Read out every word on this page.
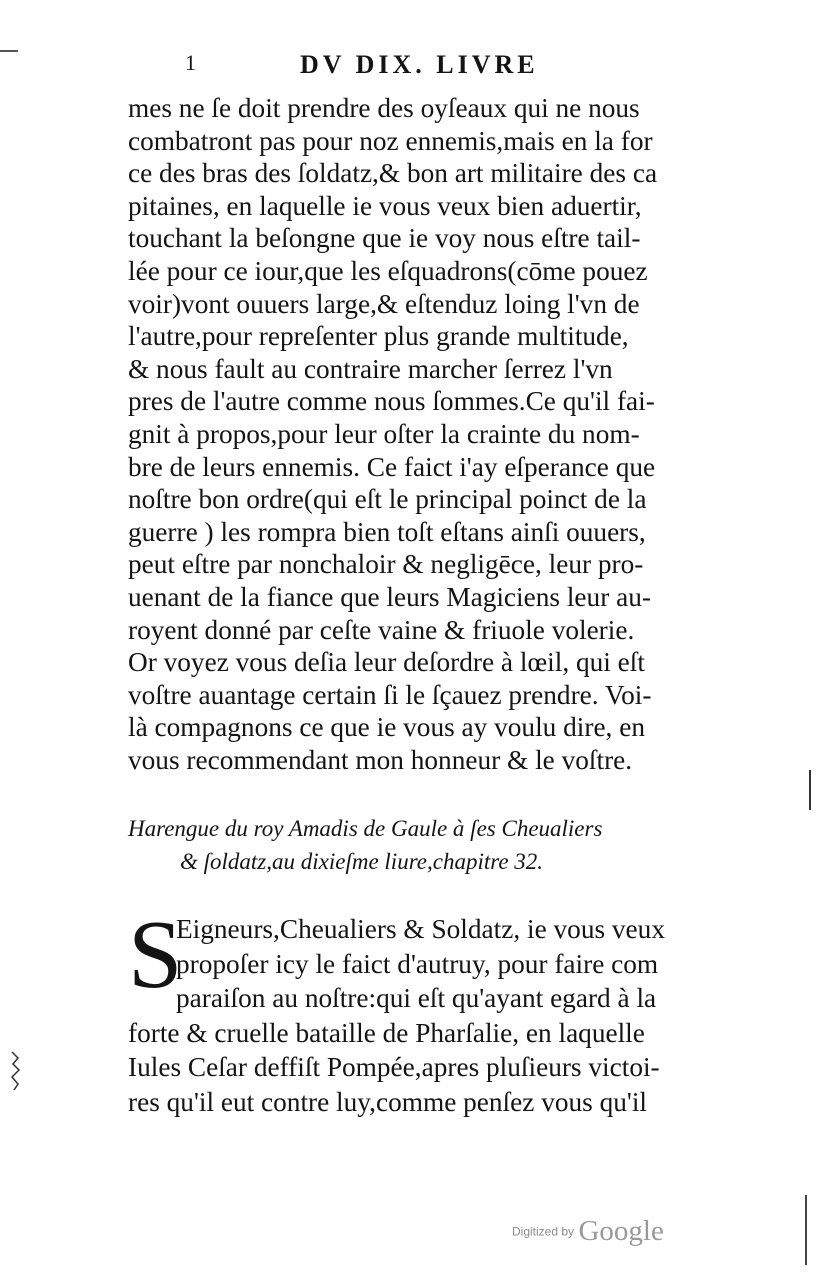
1	DV DIX. LIVRE
mes ne ſe doit prendre des oyſeaux qui ne nous
combatront pas pour noz ennemis,mais en la for
ce des bras des ſoldatz,& bon art militaire des ca
pitaines, en laquelle ie vous veux bien aduertir,
touchant la beſongne que ie voy nous eſtre tail-
lée pour ce iour,que les eſquadrons(cōme pouez
voir)vont ouuers large,& eſtenduz loing l'vn de
l'autre,pour repreſenter plus grande multitude,
& nous fault au contraire marcher ſerrez l'vn
pres de l'autre comme nous ſommes.Ce qu'il fai-
gnit à propos,pour leur oſter la crainte du nom-
bre de leurs ennemis. Ce faict i'ay eſperance que
noſtre bon ordre(qui eſt le principal poinct de la
guerre ) les rompra bien toſt eſtans ainſi ouuers,
peut eſtre par nonchaloir & negligēce, leur pro-
uenant de la fiance que leurs Magiciens leur au-
royent donné par ceſte vaine & friuole volerie.
Or voyez vous deſia leur deſordre à lœil, qui eſt
voſtre auantage certain ſi le ſçauez prendre. Voi-
là compagnons ce que ie vous ay voulu dire, en
vous recommendant mon honneur & le voſtre.
Harengue du roy Amadis de Gaule à ſes Cheualiers
& ſoldatz,au dixieſme liure,chapitre 32.
S
Eigneurs,Cheualiers & Soldatz, ie vous veux
propoſer icy le faict d'autruy, pour faire com
paraiſon au noſtre:qui eſt qu'ayant egard à la
forte & cruelle bataille de Pharſalie, en laquelle
Iules Ceſar deffiſt Pompée,apres pluſieurs victoi-
res qu'il eut contre luy,comme penſez vous qu'il
Digitized by Google
